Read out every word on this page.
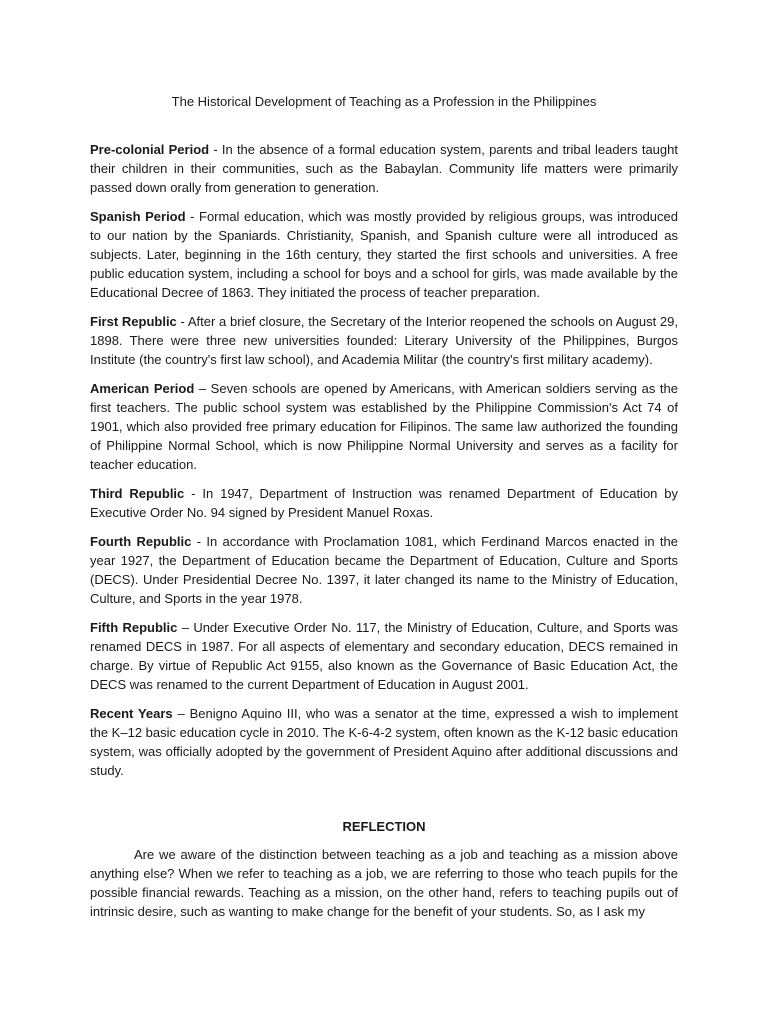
The Historical Development of Teaching as a Profession in the Philippines

Pre-colonial Period - In the absence of a formal education system, parents and tribal leaders taught their children in their communities, such as the Babaylan. Community life matters were primarily passed down orally from generation to generation.

Spanish Period - Formal education, which was mostly provided by religious groups, was introduced to our nation by the Spaniards. Christianity, Spanish, and Spanish culture were all introduced as subjects. Later, beginning in the 16th century, they started the first schools and universities. A free public education system, including a school for boys and a school for girls, was made available by the Educational Decree of 1863. They initiated the process of teacher preparation.

First Republic - After a brief closure, the Secretary of the Interior reopened the schools on August 29, 1898. There were three new universities founded: Literary University of the Philippines, Burgos Institute (the country's first law school), and Academia Militar (the country's first military academy).

American Period – Seven schools are opened by Americans, with American soldiers serving as the first teachers. The public school system was established by the Philippine Commission's Act 74 of 1901, which also provided free primary education for Filipinos. The same law authorized the founding of Philippine Normal School, which is now Philippine Normal University and serves as a facility for teacher education.

Third Republic - In 1947, Department of Instruction was renamed Department of Education by Executive Order No. 94 signed by President Manuel Roxas.

Fourth Republic - In accordance with Proclamation 1081, which Ferdinand Marcos enacted in the year 1927, the Department of Education became the Department of Education, Culture and Sports (DECS). Under Presidential Decree No. 1397, it later changed its name to the Ministry of Education, Culture, and Sports in the year 1978.

Fifth Republic – Under Executive Order No. 117, the Ministry of Education, Culture, and Sports was renamed DECS in 1987. For all aspects of elementary and secondary education, DECS remained in charge. By virtue of Republic Act 9155, also known as the Governance of Basic Education Act, the DECS was renamed to the current Department of Education in August 2001.

Recent Years – Benigno Aquino III, who was a senator at the time, expressed a wish to implement the K–12 basic education cycle in 2010. The K-6-4-2 system, often known as the K-12 basic education system, was officially adopted by the government of President Aquino after additional discussions and study.

REFLECTION

Are we aware of the distinction between teaching as a job and teaching as a mission above anything else? When we refer to teaching as a job, we are referring to those who teach pupils for the possible financial rewards. Teaching as a mission, on the other hand, refers to teaching pupils out of intrinsic desire, such as wanting to make change for the benefit of your students. So, as I ask my
